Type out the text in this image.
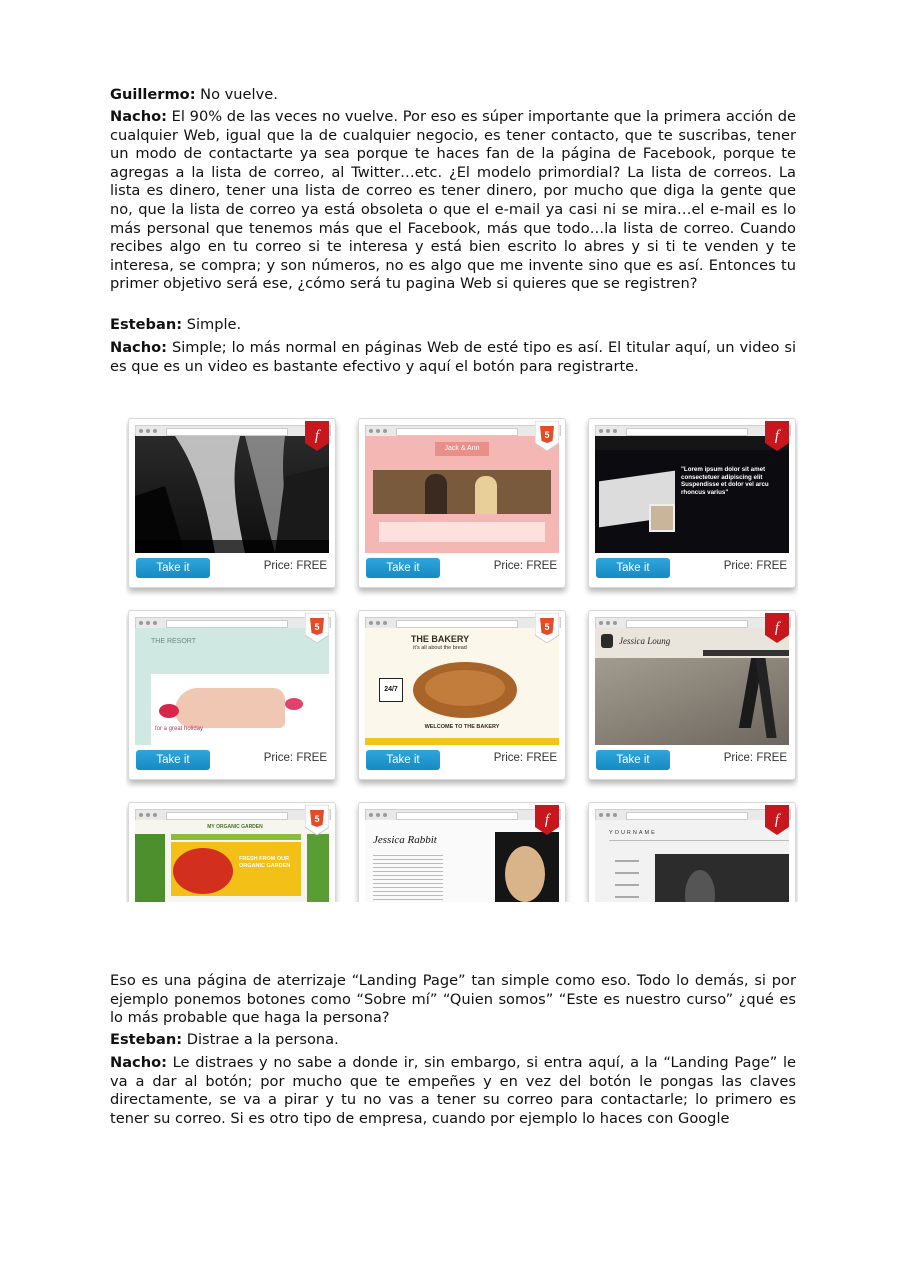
Guillermo: No vuelve.

Nacho: El 90% de las veces no vuelve. Por eso es súper importante que la primera acción de cualquier Web, igual que la de cualquier negocio, es tener contacto, que te suscribas, tener un modo de contactarte ya sea porque te haces fan de la página de Facebook, porque te agregas a la lista de correo, al Twitter…etc. ¿El modelo primordial? La lista de correos. La lista es dinero, tener una lista de correo es tener dinero, por mucho que diga la gente que no, que la lista de correo ya está obsoleta o que el e-mail ya casi ni se mira…el e-mail es lo más personal que tenemos más que el Facebook, más que todo…la lista de correo. Cuando recibes algo en tu correo si te interesa y está bien escrito lo abres y si ti te venden y te interesa, se compra; y son números, no es algo que me invente sino que es así. Entonces tu primer objetivo será ese, ¿cómo será tu pagina Web si quieres que se registren?

Esteban: Simple.

Nacho: Simple; lo más normal en páginas Web de esté tipo es así. El titular aquí, un video si es que es un video es bastante efectivo y aquí el botón para registrarte.

f
Take it	Price: FREE
Jack & Ann
5
Take it	Price: FREE
"Lorem ipsum dolor sit amet consectetuer adipiscing elit Suspendisse et dolor vel arcu rhoncus varius"
f
Take it	Price: FREE
THE RESORT
for a great holiday
5
Take it	Price: FREE
THE BAKERY
it's all about the bread
24/7
WELCOME TO THE BAKERY
5
Take it	Price: FREE
Jessica Loung
f
Take it	Price: FREE
MY ORGANIC GARDEN
FRESH FROM OUR ORGANIC GARDEN
5
Jessica Rabbit
f
YOURNAME
f

Eso es una página de aterrizaje “Landing Page” tan simple como eso. Todo lo demás, si por ejemplo ponemos botones como “Sobre mí” “Quien somos” “Este es nuestro curso” ¿qué es lo más probable que haga la persona?

Esteban: Distrae a la persona.

Nacho: Le distraes y no sabe a donde ir, sin embargo, si entra aquí, a la “Landing Page” le va a dar al botón; por mucho que te empeñes y en vez del botón le pongas las claves directamente, se va a pirar y tu no vas a tener su correo para contactarle; lo primero es tener su correo. Si es otro tipo de empresa, cuando por ejemplo lo haces con Google
